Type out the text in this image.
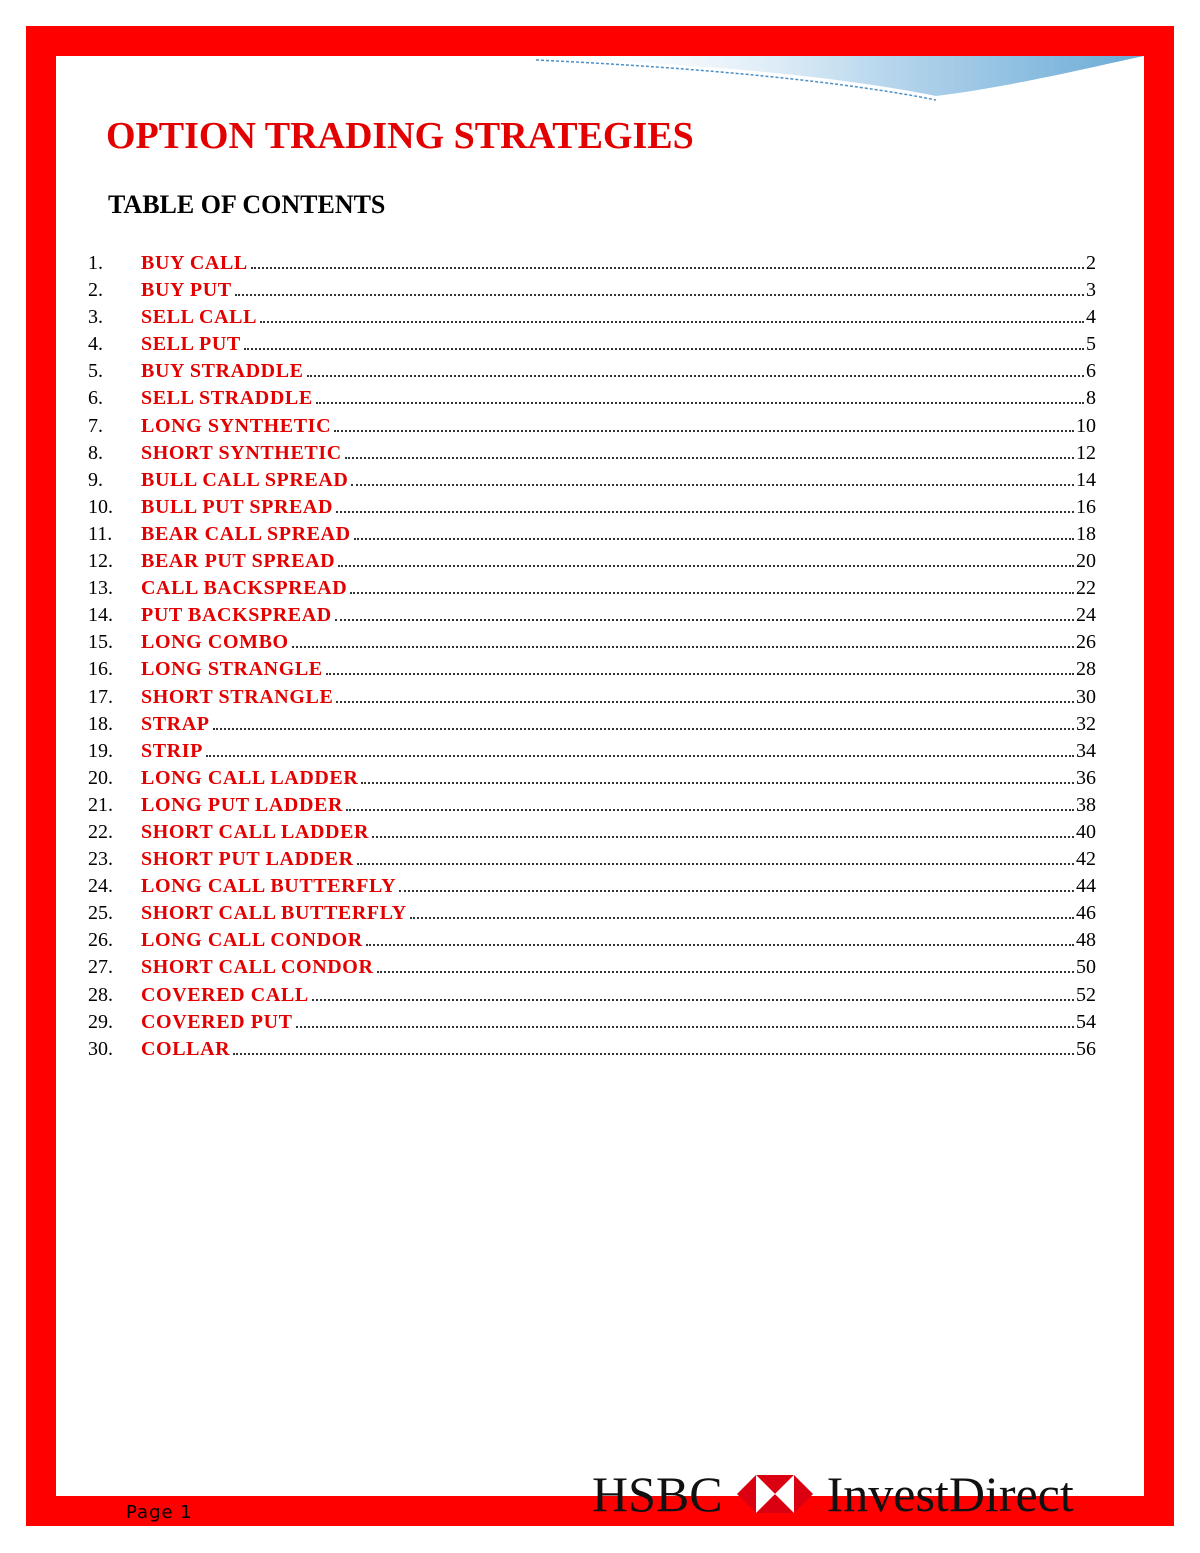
OPTION TRADING STRATEGIES
TABLE OF CONTENTS
1.	BUY CALL	2
2.	BUY PUT	3
3.	SELL CALL	4
4.	SELL PUT	5
5.	BUY STRADDLE	6
6.	SELL STRADDLE	8
7.	LONG SYNTHETIC	10
8.	SHORT SYNTHETIC	12
9.	BULL CALL SPREAD	14
10.	BULL PUT SPREAD	16
11.	BEAR CALL SPREAD	18
12.	BEAR PUT SPREAD	20
13.	CALL BACKSPREAD	22
14.	PUT BACKSPREAD	24
15.	LONG COMBO	26
16.	LONG STRANGLE	28
17.	SHORT STRANGLE	30
18.	STRAP	32
19.	STRIP	34
20.	LONG CALL LADDER	36
21.	LONG PUT LADDER	38
22.	SHORT CALL LADDER	40
23.	SHORT PUT LADDER	42
24.	LONG CALL BUTTERFLY	44
25.	SHORT CALL BUTTERFLY	46
26.	LONG CALL CONDOR	48
27.	SHORT CALL CONDOR	50
28.	COVERED CALL	52
29.	COVERED PUT	54
30.	COLLAR	56
Page 1	HSBC InvestDirect
